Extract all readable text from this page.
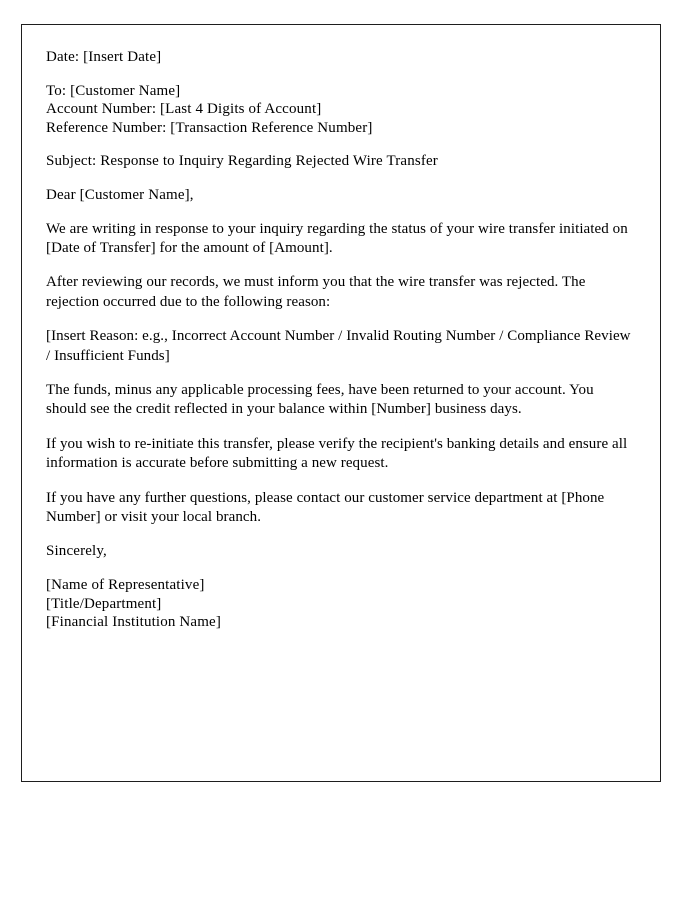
Date: [Insert Date]

To: [Customer Name]

Account Number: [Last 4 Digits of Account]

Reference Number: [Transaction Reference Number]

Subject: Response to Inquiry Regarding Rejected Wire Transfer

Dear [Customer Name],

We are writing in response to your inquiry regarding the status of your wire transfer initiated on [Date of Transfer] for the amount of [Amount].

After reviewing our records, we must inform you that the wire transfer was rejected. The rejection occurred due to the following reason:

[Insert Reason: e.g., Incorrect Account Number / Invalid Routing Number / Compliance Review / Insufficient Funds]

The funds, minus any applicable processing fees, have been returned to your account. You should see the credit reflected in your balance within [Number] business days.

If you wish to re-initiate this transfer, please verify the recipient's banking details and ensure all information is accurate before submitting a new request.

If you have any further questions, please contact our customer service department at [Phone Number] or visit your local branch.

Sincerely,

[Name of Representative]

[Title/Department]

[Financial Institution Name]
